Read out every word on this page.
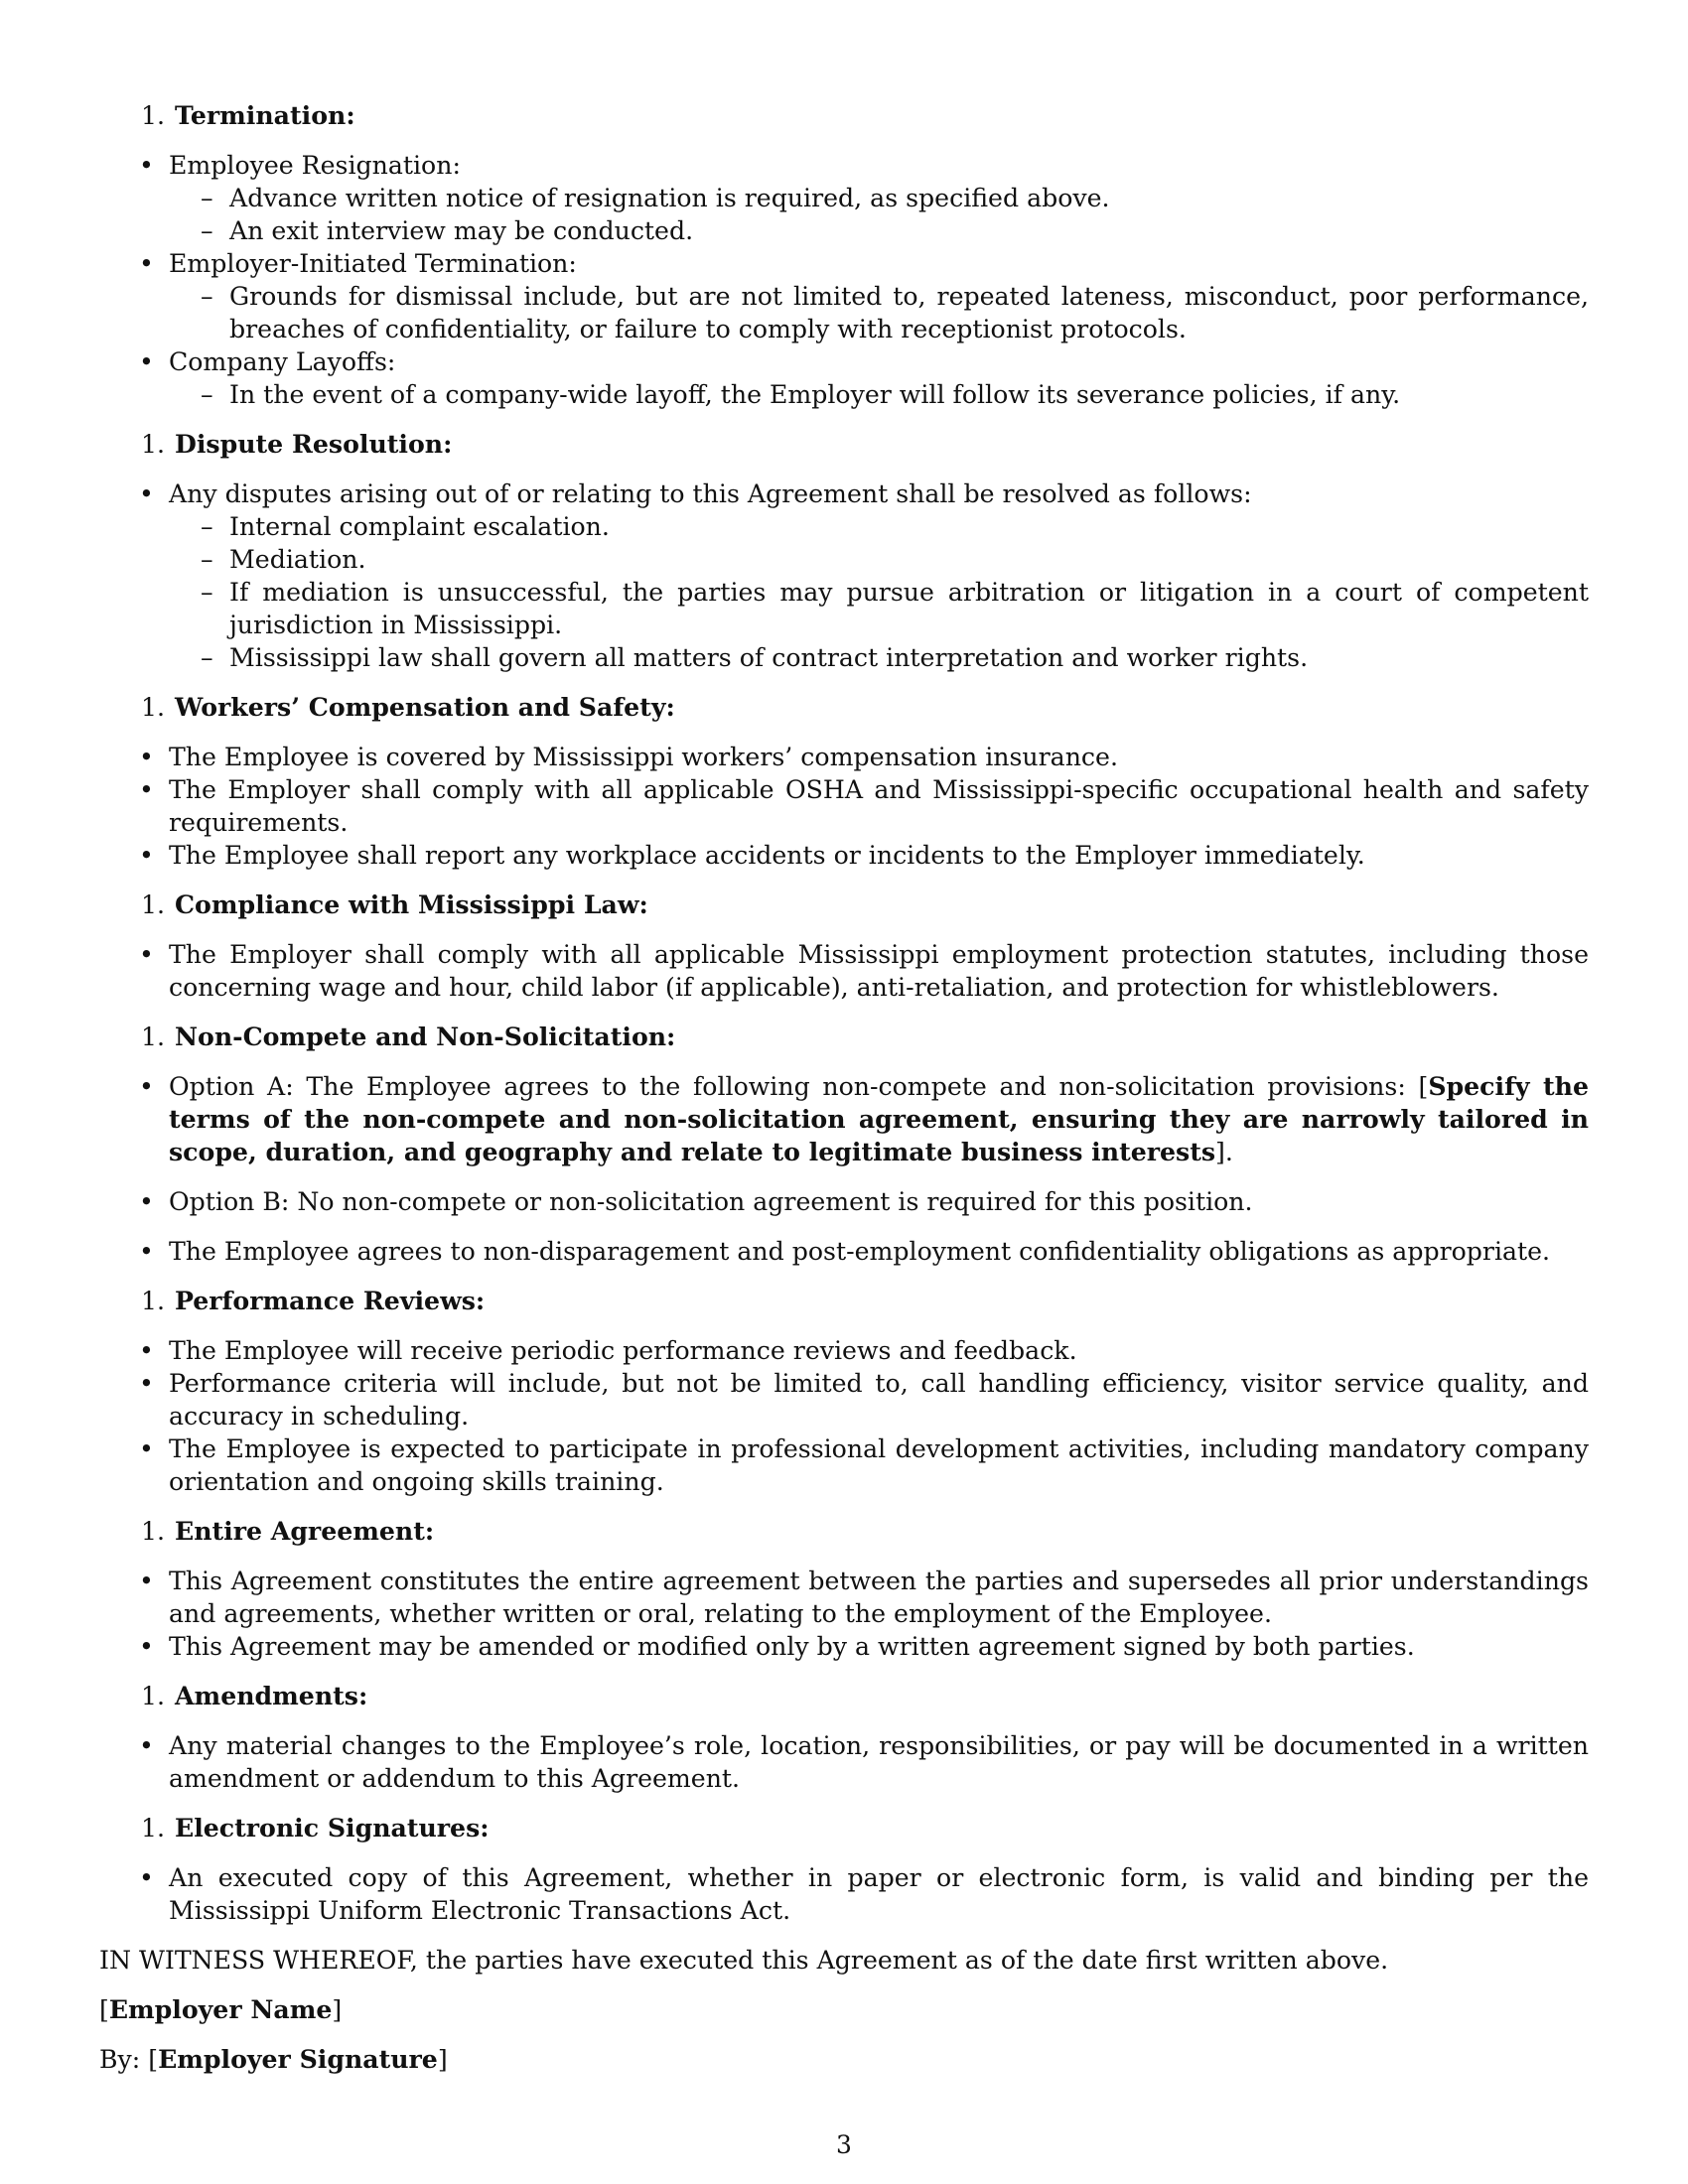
1. Termination:
• Employee Resignation:
– Advance written notice of resignation is required, as specified above.
– An exit interview may be conducted.
• Employer-Initiated Termination:
– Grounds for dismissal include, but are not limited to, repeated lateness, misconduct, poor performance, breaches of confidentiality, or failure to comply with receptionist protocols.
• Company Layoffs:
– In the event of a company-wide layoff, the Employer will follow its severance policies, if any.
1. Dispute Resolution:
• Any disputes arising out of or relating to this Agreement shall be resolved as follows:
– Internal complaint escalation.
– Mediation.
– If mediation is unsuccessful, the parties may pursue arbitration or litigation in a court of competent jurisdiction in Mississippi.
– Mississippi law shall govern all matters of contract interpretation and worker rights.
1. Workers’ Compensation and Safety:
• The Employee is covered by Mississippi workers’ compensation insurance.
• The Employer shall comply with all applicable OSHA and Mississippi-specific occupational health and safety requirements.
• The Employee shall report any workplace accidents or incidents to the Employer immediately.
1. Compliance with Mississippi Law:
• The Employer shall comply with all applicable Mississippi employment protection statutes, including those concerning wage and hour, child labor (if applicable), anti-retaliation, and protection for whistleblowers.
1. Non-Compete and Non-Solicitation:
• Option A: The Employee agrees to the following non-compete and non-solicitation provisions: [Specify the terms of the non-compete and non-solicitation agreement, ensuring they are narrowly tailored in scope, duration, and geography and relate to legitimate business interests].
• Option B: No non-compete or non-solicitation agreement is required for this position.
• The Employee agrees to non-disparagement and post-employment confidentiality obligations as appropriate.
1. Performance Reviews:
• The Employee will receive periodic performance reviews and feedback.
• Performance criteria will include, but not be limited to, call handling efficiency, visitor service quality, and accuracy in scheduling.
• The Employee is expected to participate in professional development activities, including mandatory company orientation and ongoing skills training.
1. Entire Agreement:
• This Agreement constitutes the entire agreement between the parties and supersedes all prior understandings and agreements, whether written or oral, relating to the employment of the Employee.
• This Agreement may be amended or modified only by a written agreement signed by both parties.
1. Amendments:
• Any material changes to the Employee’s role, location, responsibilities, or pay will be documented in a written amendment or addendum to this Agreement.
1. Electronic Signatures:
• An executed copy of this Agreement, whether in paper or electronic form, is valid and binding per the Mississippi Uniform Electronic Transactions Act.

IN WITNESS WHEREOF, the parties have executed this Agreement as of the date first written above.

[Employer Name]

By: [Employer Signature]

3
